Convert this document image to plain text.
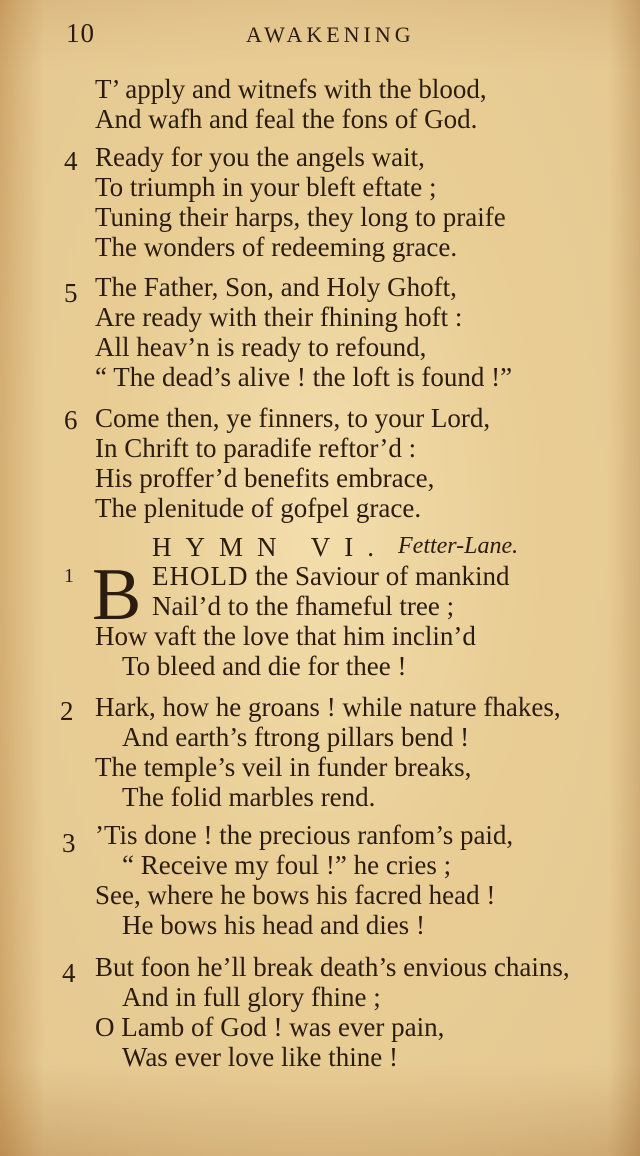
10	AWAKENING
T’ apply and witnefs with the blood,
And wafh and feal the fons of God.
4 Ready for you the angels wait,
To triumph in your bleft eftate ;
Tuning their harps, they long to praife
The wonders of redeeming grace.
5 The Father, Son, and Holy Ghoft,
Are ready with their fhining hoft :
All heav’n is ready to refound,
“ The dead’s alive ! the loft is found !”
6 Come then, ye finners, to your Lord,
In Chrift to paradife reftor’d :
His proffer’d benefits embrace,
The plenitude of gofpel grace.
HYMN VI. Fetter-Lane.
1 B EHOLD the Saviour of mankind
Nail’d to the fhameful tree ;
How vaft the love that him inclin’d
To bleed and die for thee !
2 Hark, how he groans ! while nature fhakes,
And earth’s ftrong pillars bend !
The temple’s veil in funder breaks,
The folid marbles rend.
3 ’Tis done ! the precious ranfom’s paid,
“ Receive my foul !” he cries ;
See, where he bows his facred head !
He bows his head and dies !
4 But foon he’ll break death’s envious chains,
And in full glory fhine ;
O Lamb of God ! was ever pain,
Was ever love like thine !
